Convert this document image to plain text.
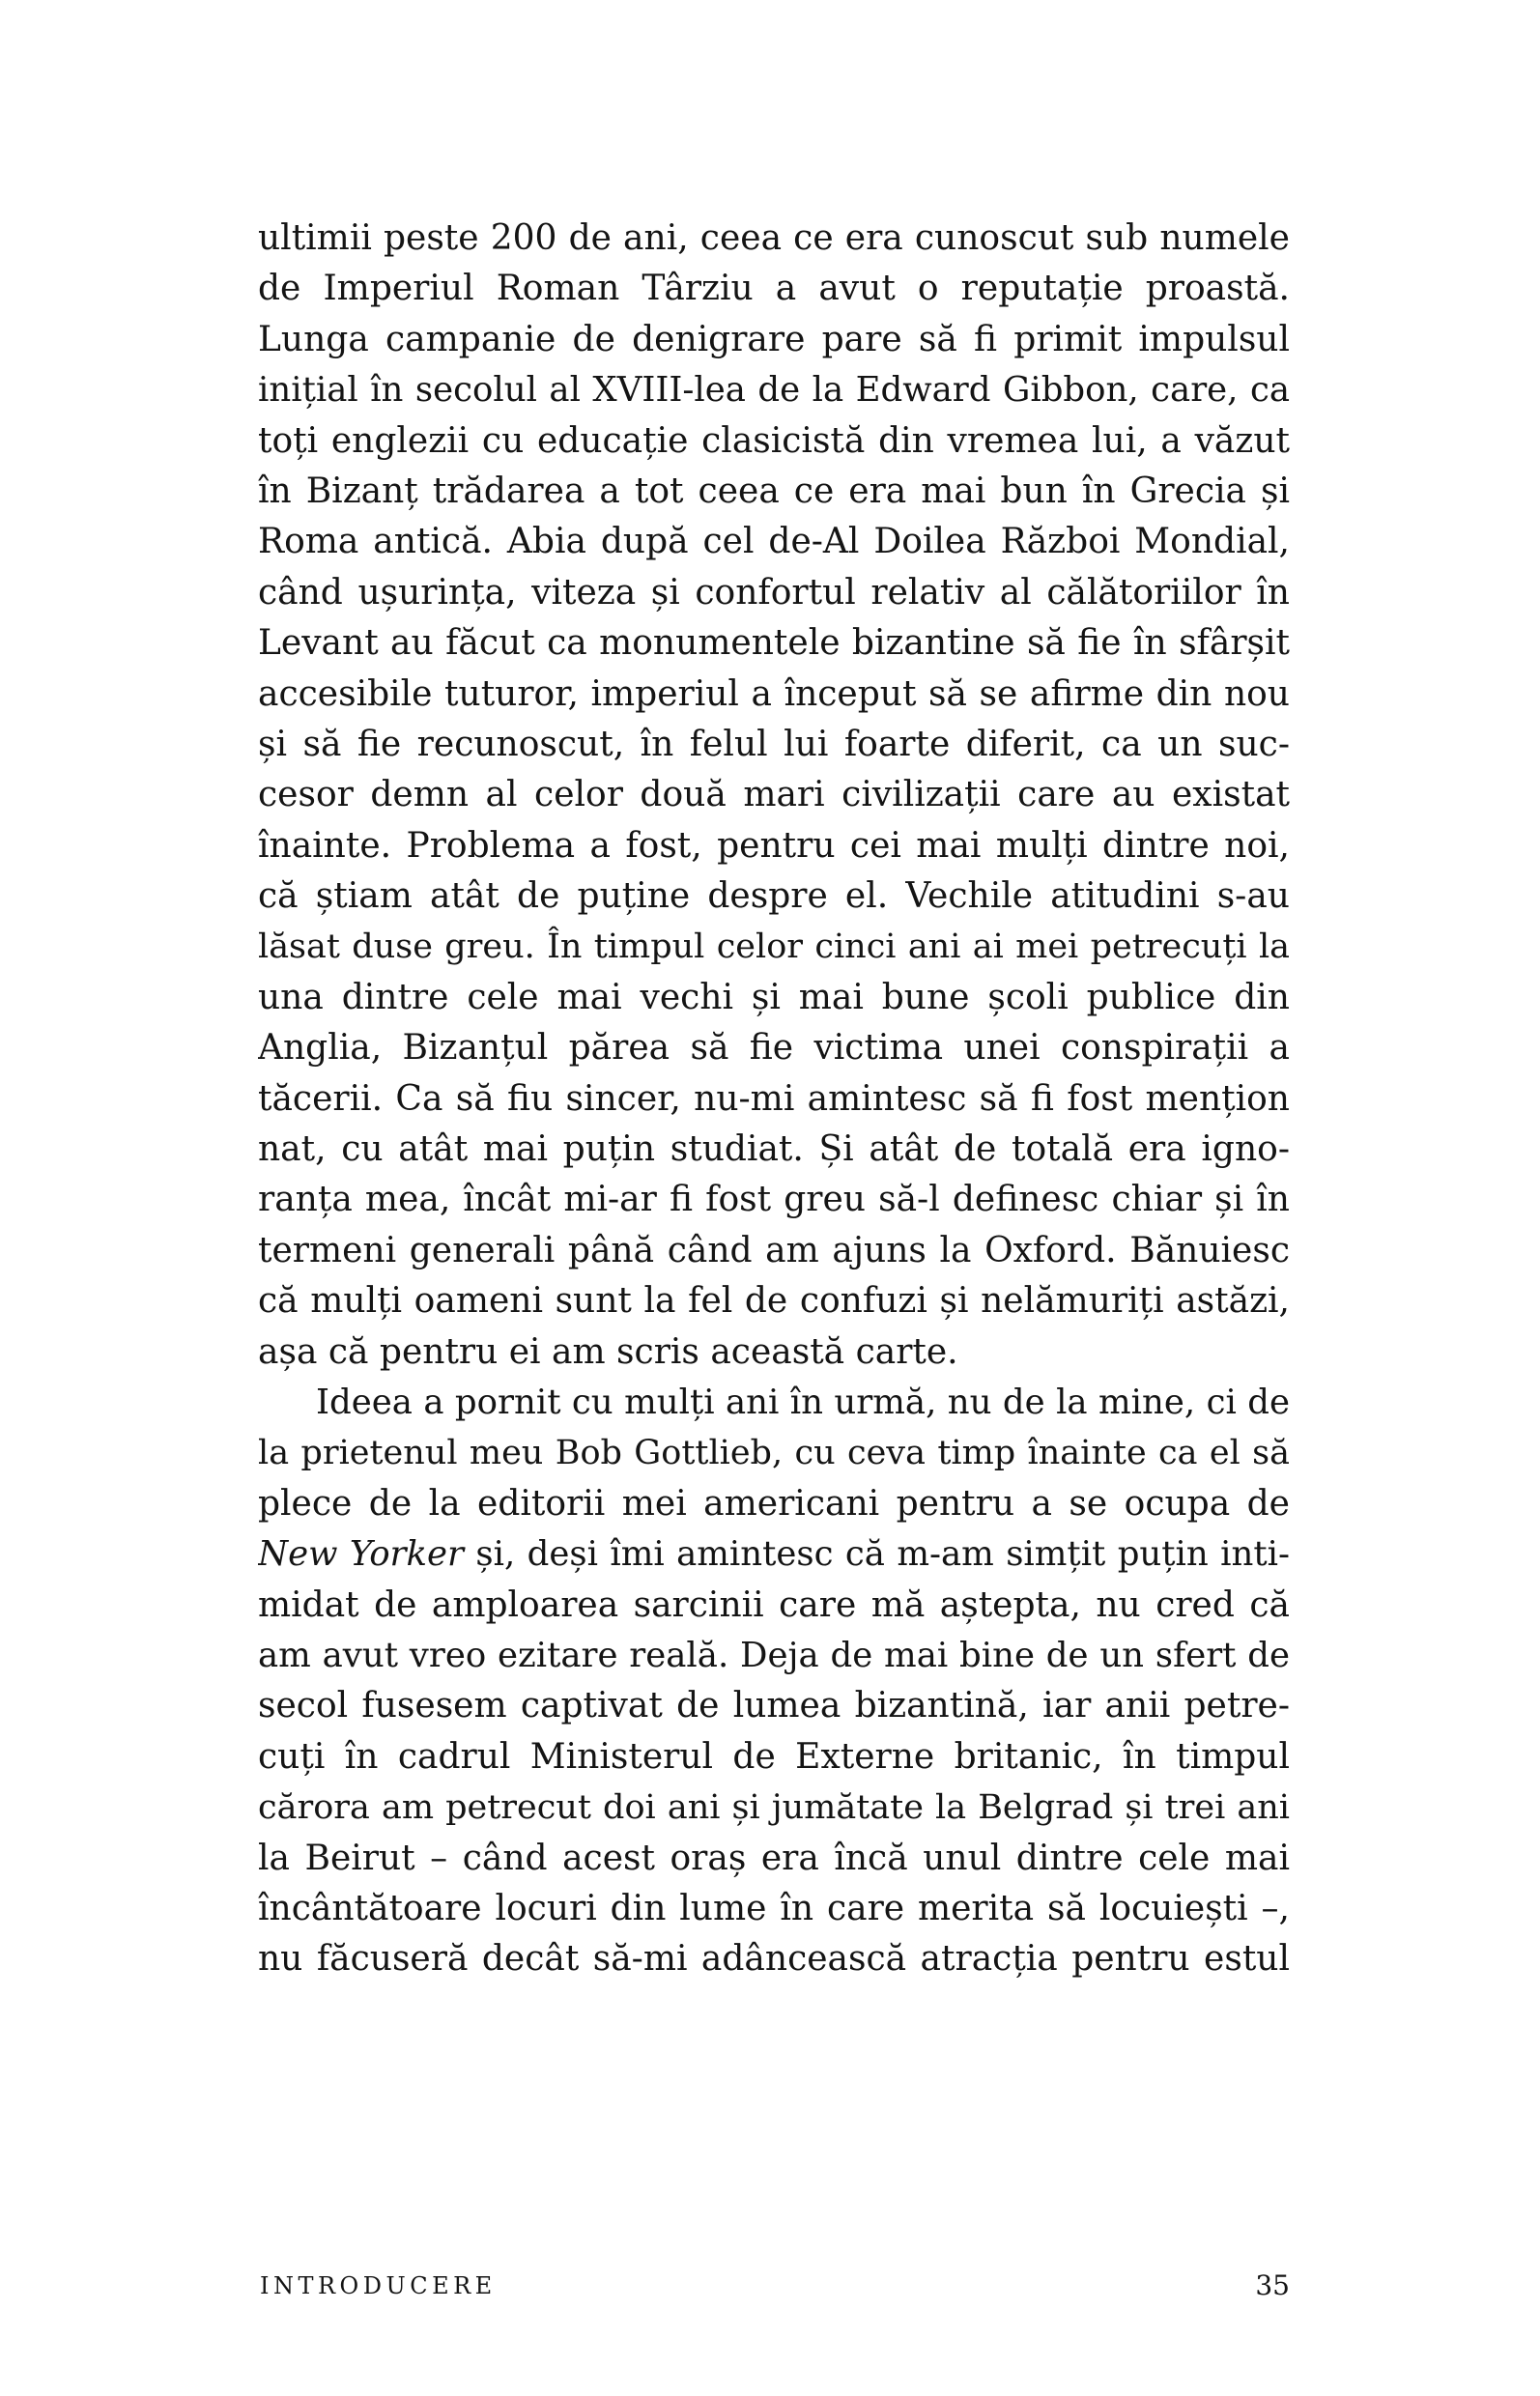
ultimii peste 200 de ani, ceea ce era cunoscut sub numele
de Imperiul Roman Târziu a avut o reputație proastă.
Lunga campanie de denigrare pare să fi primit impulsul
inițial în secolul al XVIII-lea de la Edward Gibbon, care, ca
toți englezii cu educație clasicistă din vremea lui, a văzut
în Bizanț trădarea a tot ceea ce era mai bun în Grecia și
Roma antică. Abia după cel de-Al Doilea Război Mondial,
când ușurința, viteza și confortul relativ al călătoriilor în
Levant au făcut ca monumentele bizantine să fie în sfârșit
accesibile tuturor, imperiul a început să se afirme din nou
și să fie recunoscut, în felul lui foarte diferit, ca un suc-
cesor demn al celor două mari civilizații care au existat
înainte. Problema a fost, pentru cei mai mulți dintre noi,
că știam atât de puține despre el. Vechile atitudini s-au
lăsat duse greu. În timpul celor cinci ani ai mei petrecuți la
una dintre cele mai vechi și mai bune școli publice din
Anglia, Bizanțul părea să fie victima unei conspirații a
tăcerii. Ca să fiu sincer, nu-mi amintesc să fi fost mențion
nat, cu atât mai puțin studiat. Și atât de totală era igno-
ranța mea, încât mi-ar fi fost greu să-l definesc chiar și în
termeni generali până când am ajuns la Oxford. Bănuiesc
că mulți oameni sunt la fel de confuzi și nelămuriți astăzi,
așa că pentru ei am scris această carte.
Ideea a pornit cu mulți ani în urmă, nu de la mine, ci de
la prietenul meu Bob Gottlieb, cu ceva timp înainte ca el să
plece de la editorii mei americani pentru a se ocupa de
New Yorker și, deși îmi amintesc că m-am simțit puțin inti-
midat de amploarea sarcinii care mă aștepta, nu cred că
am avut vreo ezitare reală. Deja de mai bine de un sfert de
secol fusesem captivat de lumea bizantină, iar anii petre-
cuți în cadrul Ministerul de Externe britanic, în timpul
cărora am petrecut doi ani și jumătate la Belgrad și trei ani
la Beirut – când acest oraș era încă unul dintre cele mai
încântătoare locuri din lume în care merita să locuiești –,
nu făcuseră decât să-mi adâncească atracția pentru estul
INTRODUCERE	35
